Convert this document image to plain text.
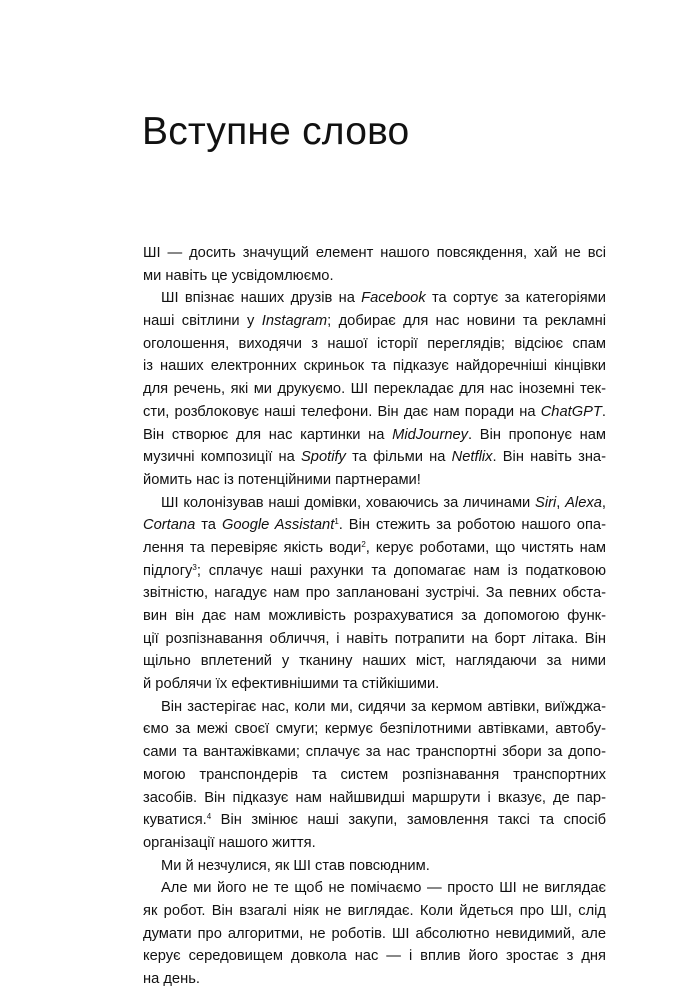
Вступне слово
ШІ — досить значущий елемент нашого повсякдення, хай не всі
ми навіть це усвідомлюємо.
ШІ впізнає наших друзів на Facebook та сортує за категоріями
наші світлини у Instagram; добирає для нас новини та рекламні
оголошення, виходячи з нашої історії переглядів; відсіює спам
із наших електронних скриньок та підказує найдоречніші кінцівки
для речень, які ми друкуємо. ШІ перекладає для нас іноземні тек-
сти, розблоковує наші телефони. Він дає нам поради на ChatGPT.
Він створює для нас картинки на MidJourney. Він пропонує нам
музичні композиції на Spotify та фільми на Netflix. Він навіть зна-
йомить нас із потенційними партнерами!
ШІ колонізував наші домівки, ховаючись за личинами Siri, Alexa,
Cortana та Google Assistant$^1$. Він стежить за роботою нашого опа-
лення та перевіряє якість води$^2$, керує роботами, що чистять нам
підлогу$^3$; сплачує наші рахунки та допомагає нам із податковою
звітністю, нагадує нам про заплановані зустрічі. За певних обста-
вин він дає нам можливість розрахуватися за допомогою функ-
ції розпізнавання обличчя, і навіть потрапити на борт літака. Він
щільно вплетений у тканину наших міст, наглядаючи за ними
й роблячи їх ефективнішими та стійкішими.
Він застерігає нас, коли ми, сидячи за кермом автівки, виїжджа-
ємо за межі своєї смуги; кермує безпілотними автівками, автобу-
сами та вантажівками; сплачує за нас транспортні збори за допо-
могою транспондерів та систем розпізнавання транспортних
засобів. Він підказує нам найшвидші маршрути і вказує, де пар-
куватися.$^4$ Він змінює наші закупи, замовлення таксі та спосіб
організації нашого життя.
Ми й незчулися, як ШІ став повсюдним.
Але ми його не те щоб не помічаємо — просто ШІ не виглядає
як робот. Він взагалі ніяк не виглядає. Коли йдеться про ШІ, слід
думати про алгоритми, не роботів. ШІ абсолютно невидимий, але
керує середовищем довкола нас — і вплив його зростає з дня
на день.
